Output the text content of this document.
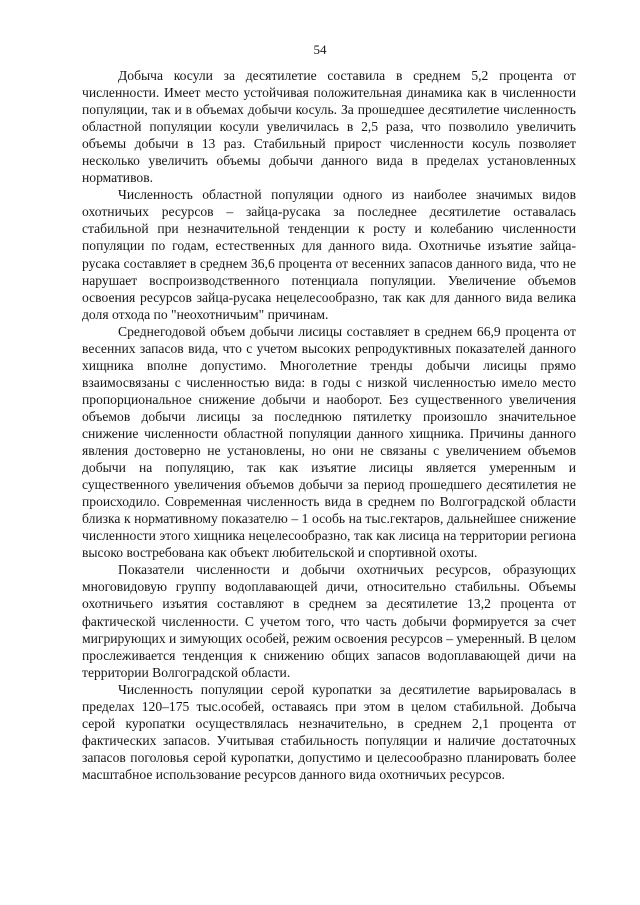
54

Добыча косули за десятилетие составила в среднем 5,2 процента от численности. Имеет место устойчивая положительная динамика как в численности популяции, так и в объемах добычи косуль. За прошедшее десятилетие численность областной популяции косули увеличилась в 2,5 раза, что позволило увеличить объемы добычи в 13 раз. Стабильный прирост численности косуль позволяет несколько увеличить объемы добычи данного вида в пределах установленных нормативов.

Численность областной популяции одного из наиболее значимых видов охотничьих ресурсов – зайца-русака за последнее десятилетие оставалась стабильной при незначительной тенденции к росту и колебанию численности популяции по годам, естественных для данного вида. Охотничье изъятие зайца-русака составляет в среднем 36,6 процента от весенних запасов данного вида, что не нарушает воспроизводственного потенциала популяции. Увеличение объемов освоения ресурсов зайца-русака нецелесообразно, так как для данного вида велика доля отхода по "неохотничьим" причинам.

Среднегодовой объем добычи лисицы составляет в среднем 66,9 процента от весенних запасов вида, что с учетом высоких репродуктивных показателей данного хищника вполне допустимо. Многолетние тренды добычи лисицы прямо взаимосвязаны с численностью вида: в годы с низкой численностью имело место пропорциональное снижение добычи и наоборот. Без существенного увеличения объемов добычи лисицы за последнюю пятилетку произошло значительное снижение численности областной популяции данного хищника. Причины данного явления достоверно не установлены, но они не связаны с увеличением объемов добычи на популяцию, так как изъятие лисицы является умеренным и существенного увеличения объемов добычи за период прошедшего десятилетия не происходило. Современная численность вида в среднем по Волгоградской области близка к нормативному показателю – 1 особь на тыс.гектаров, дальнейшее снижение численности этого хищника нецелесообразно, так как лисица на территории региона высоко востребована как объект любительской и спортивной охоты.

Показатели численности и добычи охотничьих ресурсов, образующих многовидовую группу водоплавающей дичи, относительно стабильны. Объемы охотничьего изъятия составляют в среднем за десятилетие 13,2 процента от фактической численности. С учетом того, что часть добычи формируется за счет мигрирующих и зимующих особей, режим освоения ресурсов – умеренный. В целом прослеживается тенденция к снижению общих запасов водоплавающей дичи на территории Волгоградской области.

Численность популяции серой куропатки за десятилетие варьировалась в пределах 120–175 тыс.особей, оставаясь при этом в целом стабильной. Добыча серой куропатки осуществлялась незначительно, в среднем 2,1 процента от фактических запасов. Учитывая стабильность популяции и наличие достаточных запасов поголовья серой куропатки, допустимо и целесообразно планировать более масштабное использование ресурсов данного вида охотничьих ресурсов.
